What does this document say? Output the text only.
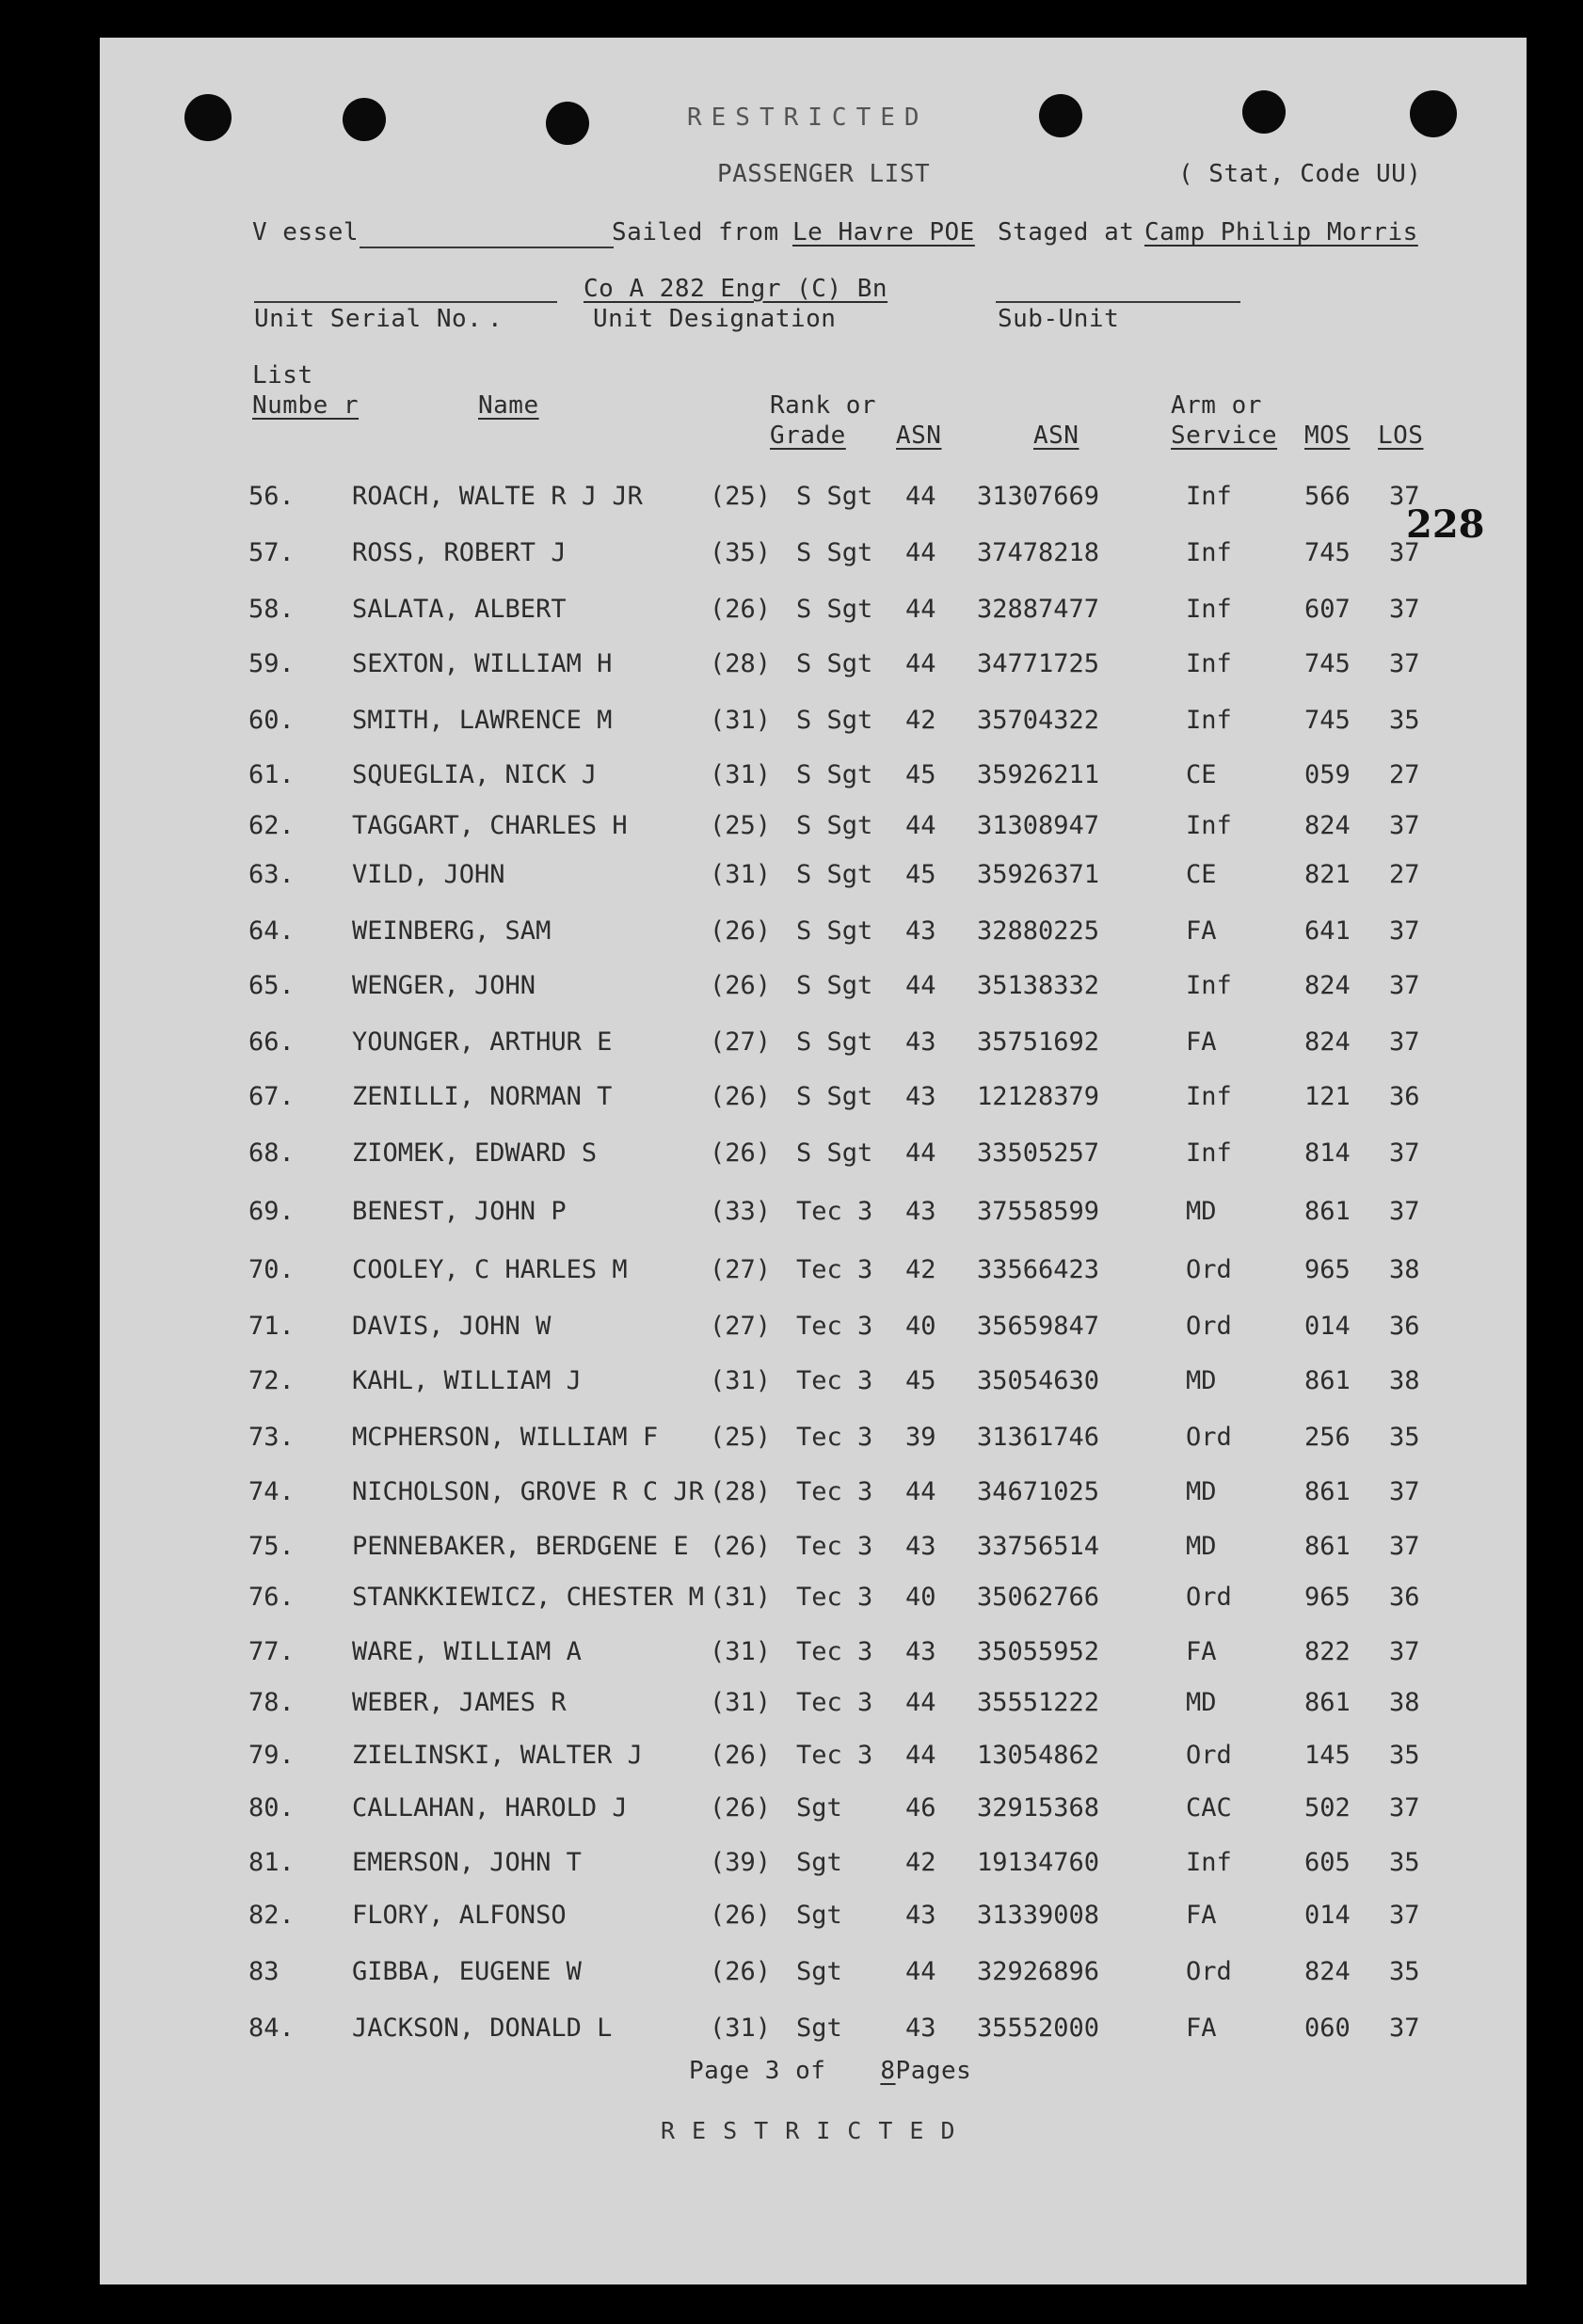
RESTRICTED
PASSENGER LIST	( Stat, Code UU)
V essel	Sailed from Le Havre POE Staged at Camp Philip Morris
Co A 282 Engr (C) Bn
Unit Serial No. .	Unit Designation	Sub-Unit
List
Numbe r	Name	Rank or
Grade ASN	ASN
Arm or
Service MOS LOS
228
56. ROACH, WALTE R J JR	(25) S Sgt 44 31307669	Inf	566 37
57. ROSS, ROBERT J	(35) S Sgt 44 37478218	Inf	745 37
58. SALATA, ALBERT	(26) S Sgt 44 32887477	Inf	607 37
59. SEXTON, WILLIAM H	(28) S Sgt 44 34771725	Inf	745 37
60. SMITH, LAWRENCE M	(31) S Sgt 42 35704322	Inf	745 35
61. SQUEGLIA, NICK J	(31) S Sgt 45 35926211	CE	059 27
62. TAGGART, CHARLES H	(25) S Sgt 44 31308947	Inf	824 37
63. VILD, JOHN	(31) S Sgt 45 35926371	CE	821 27
64. WEINBERG, SAM	(26) S Sgt 43 32880225	FA	641 37
65. WENGER, JOHN	(26) S Sgt 44 35138332	Inf	824 37
66. YOUNGER, ARTHUR E	(27) S Sgt 43 35751692	FA	824 37
67. ZENILLI, NORMAN T	(26) S Sgt 43 12128379	Inf	121 36
68. ZIOMEK, EDWARD S	(26) S Sgt 44 33505257	Inf	814 37
69. BENEST, JOHN P	(33) Tec 3 43 37558599	MD	861 37
70. COOLEY, C HARLES M	(27) Tec 3 42 33566423	Ord	965 38
71. DAVIS, JOHN W	(27) Tec 3 40 35659847	Ord	014 36
72. KAHL, WILLIAM J	(31) Tec 3 45 35054630	MD	861 38
73. MCPHERSON, WILLIAM F (25) Tec 3 39 31361746	Ord	256 35
74. NICHOLSON, GROVE R C JR (28) Tec 3 44 34671025	MD	861 37
75. PENNEBAKER, BERDGENE E (26) Tec 3 43 33756514	MD	861 37
76. STANKKIEWICZ, CHESTER M (31) Tec 3 40 35062766	Ord	965 36
77. WARE, WILLIAM A	(31) Tec 3 43 35055952	FA	822 37
78. WEBER, JAMES R	(31) Tec 3 44 35551222	MD	861 38
79. ZIELINSKI, WALTER J	(26) Tec 3 44 13054862	Ord	145 35
80. CALLAHAN, HAROLD J	(26) Sgt 46 32915368	CAC	502 37
81. EMERSON, JOHN T	(39) Sgt 42 19134760	Inf	605 35
82. FLORY, ALFONSO	(26) Sgt 43 31339008	FA	014 37
83	GIBBA, EUGENE W	(26) Sgt 44 32926896	Ord	824 35
84. JACKSON, DONALD L	(31) Sgt 43 35552000	FA	060 37
Page 3 of 8Pages
RESTRICTED
